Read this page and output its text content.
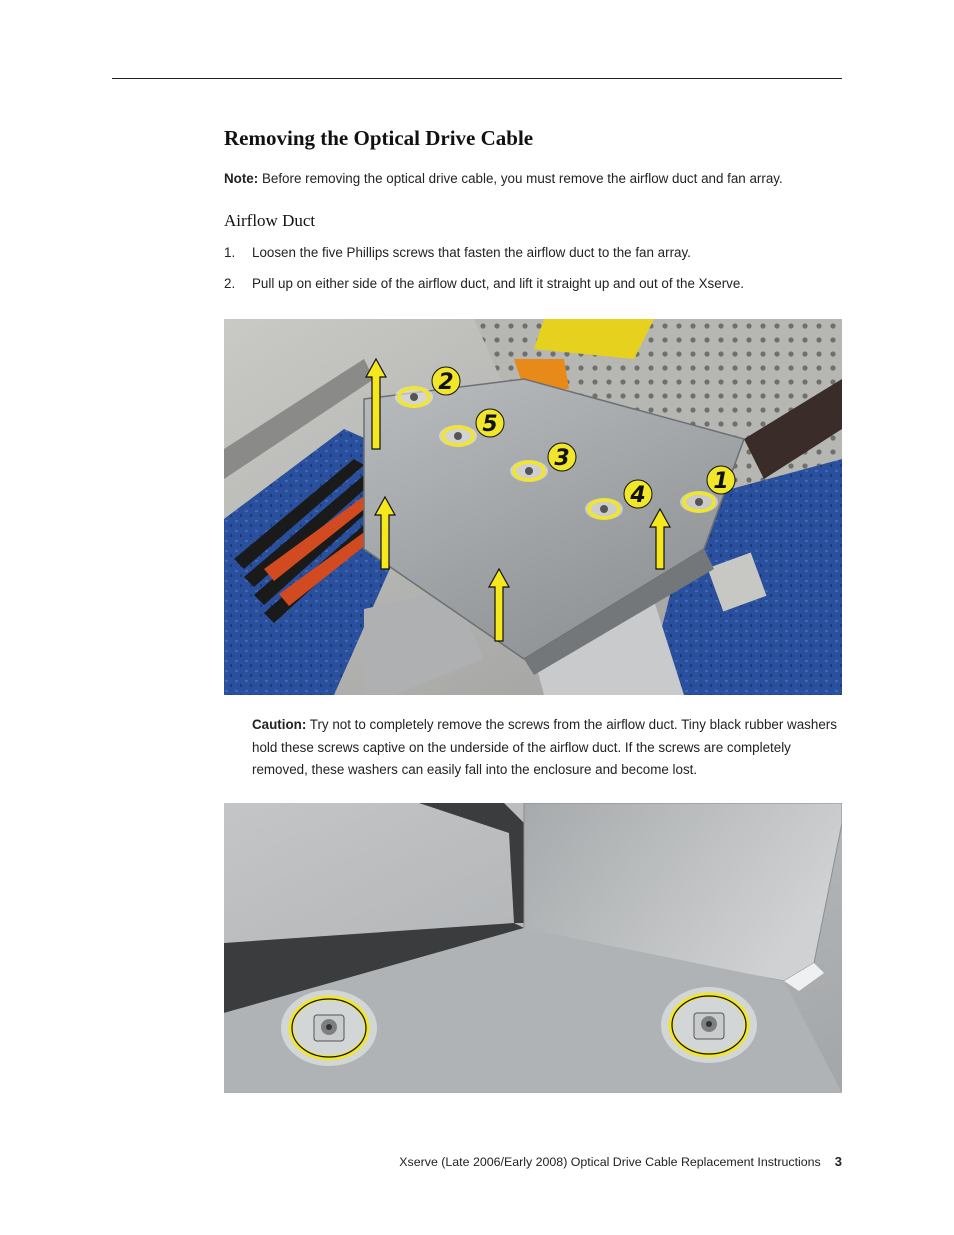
Removing the Optical Drive Cable
Note: Before removing the optical drive cable, you must remove the airflow duct and fan array.
Airflow Duct
1. Loosen the five Phillips screws that fasten the airflow duct to the fan array.
2. Pull up on either side of the airflow duct, and lift it straight up and out of the Xserve.
2
5
3
4
1
Caution: Try not to completely remove the screws from the airflow duct. Tiny black rubber washers hold these screws captive on the underside of the airflow duct. If the screws are completely removed, these washers can easily fall into the enclosure and become lost.
Xserve (Late 2006/Early 2008) Optical Drive Cable Replacement Instructions 3
